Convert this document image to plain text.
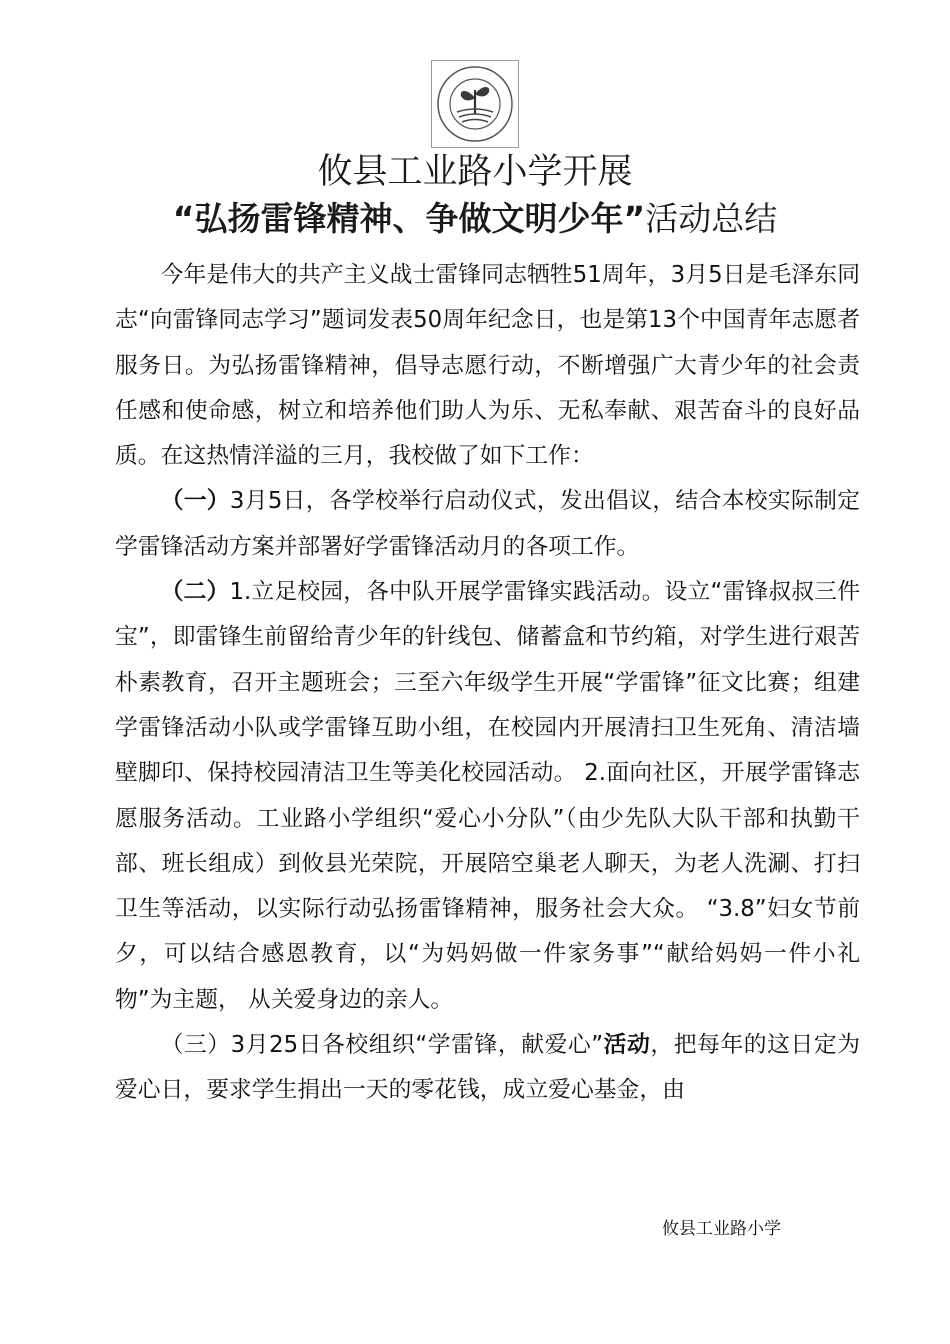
攸县工业路小学开展
“弘扬雷锋精神、争做文明少年”活动总结

今年是伟大的共产主义战士雷锋同志牺牲51周年，3月5日是毛泽东同志“向雷锋同志学习”题词发表50周年纪念日，也是第13个中国青年志愿者服务日。为弘扬雷锋精神，倡导志愿行动，不断增强广大青少年的社会责任感和使命感，树立和培养他们助人为乐、无私奉献、艰苦奋斗的良好品质。在这热情洋溢的三月，我校做了如下工作：

（一）3月5日，各学校举行启动仪式，发出倡议，结合本校实际制定学雷锋活动方案并部署好学雷锋活动月的各项工作。

（二）1.立足校园，各中队开展学雷锋实践活动。设立“雷锋叔叔三件宝”，即雷锋生前留给青少年的针线包、储蓄盒和节约箱，对学生进行艰苦朴素教育，召开主题班会；三至六年级学生开展“学雷锋”征文比赛；组建学雷锋活动小队或学雷锋互助小组，在校园内开展清扫卫生死角、清洁墙壁脚印、保持校园清洁卫生等美化校园活动。 2.面向社区，开展学雷锋志愿服务活动。工业路小学组织“爱心小分队”（由少先队大队干部和执勤干部、班长组成）到攸县光荣院，开展陪空巢老人聊天，为老人洗涮、打扫卫生等活动，以实际行动弘扬雷锋精神，服务社会大众。 “3.8”妇女节前夕，可以结合感恩教育，以“为妈妈做一件家务事”“献给妈妈一件小礼物”为主题， 从关爱身边的亲人。

（三）3月25日各校组织“学雷锋，献爱心”活动，把每年的这日定为爱心日，要求学生捐出一天的零花钱，成立爱心基金，由

攸县工业路小学
